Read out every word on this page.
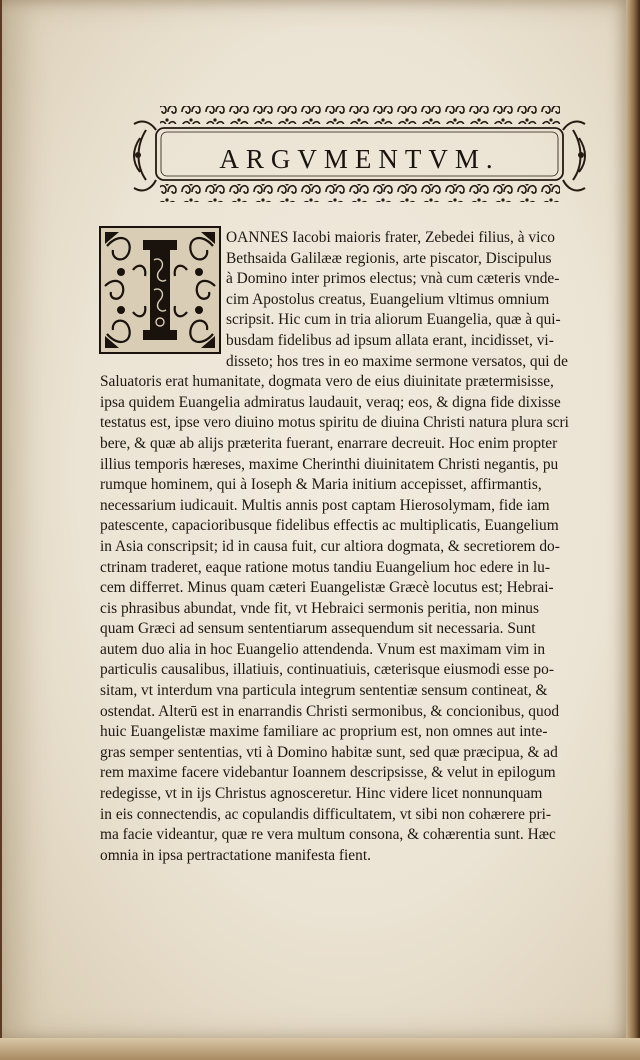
ARGVMENTVM.
OANNES Iacobi maioris frater, Zebedei filius, à vico
Bethsaida Galilææ regionis, arte piscator, Discipulus
à Domino inter primos electus; vnà cum cæteris vnde-
cim Apostolus creatus, Euangelium vltimus omnium
scripsit. Hic cum in tria aliorum Euangelia, quæ à qui-
busdam fidelibus ad ipsum allata erant, incidisset, vi-
disseto; hos tres in eo maxime sermone versatos, qui de
Saluatoris erat humanitate, dogmata vero de eius diuinitate prætermisisse,
ipsa quidem Euangelia admiratus laudauit, veraq; eos, & digna fide dixisse
testatus est, ipse vero diuino motus spiritu de diuina Christi natura plura scri
bere, & quæ ab alijs præterita fuerant, enarrare decreuit. Hoc enim propter
illius temporis hæreses, maxime Cherinthi diuinitatem Christi negantis, pu
rumque hominem, qui à Ioseph & Maria initium accepisset, affirmantis,
necessarium iudicauit. Multis annis post captam Hierosolymam, fide iam
patescente, capacioribusque fidelibus effectis ac multiplicatis, Euangelium
in Asia conscripsit; id in causa fuit, cur altiora dogmata, & secretiorem do-
ctrinam traderet, eaque ratione motus tandiu Euangelium hoc edere in lu-
cem differret. Minus quam cæteri Euangelistæ Græcè locutus est; Hebrai-
cis phrasibus abundat, vnde fit, vt Hebraici sermonis peritia, non minus
quam Græci ad sensum sententiarum assequendum sit necessaria. Sunt
autem duo alia in hoc Euangelio attendenda. Vnum est maximam vim in
particulis causalibus, illatiuis, continuatiuis, cæterisque eiusmodi esse po-
sitam, vt interdum vna particula integrum sententiæ sensum contineat, &
ostendat. Alterū est in enarrandis Christi sermonibus, & concionibus, quod
huic Euangelistæ maxime familiare ac proprium est, non omnes aut inte-
gras semper sententias, vti à Domino habitæ sunt, sed quæ præcipua, & ad
rem maxime facere videbantur Ioannem descripsisse, & velut in epilogum
redegisse, vt in ijs Christus agnosceretur. Hinc videre licet nonnunquam
in eis connectendis, ac copulandis difficultatem, vt sibi non cohærere pri-
ma facie videantur, quæ re vera multum consona, & cohærentia sunt. Hæc
omnia in ipsa pertractatione manifesta fient.
